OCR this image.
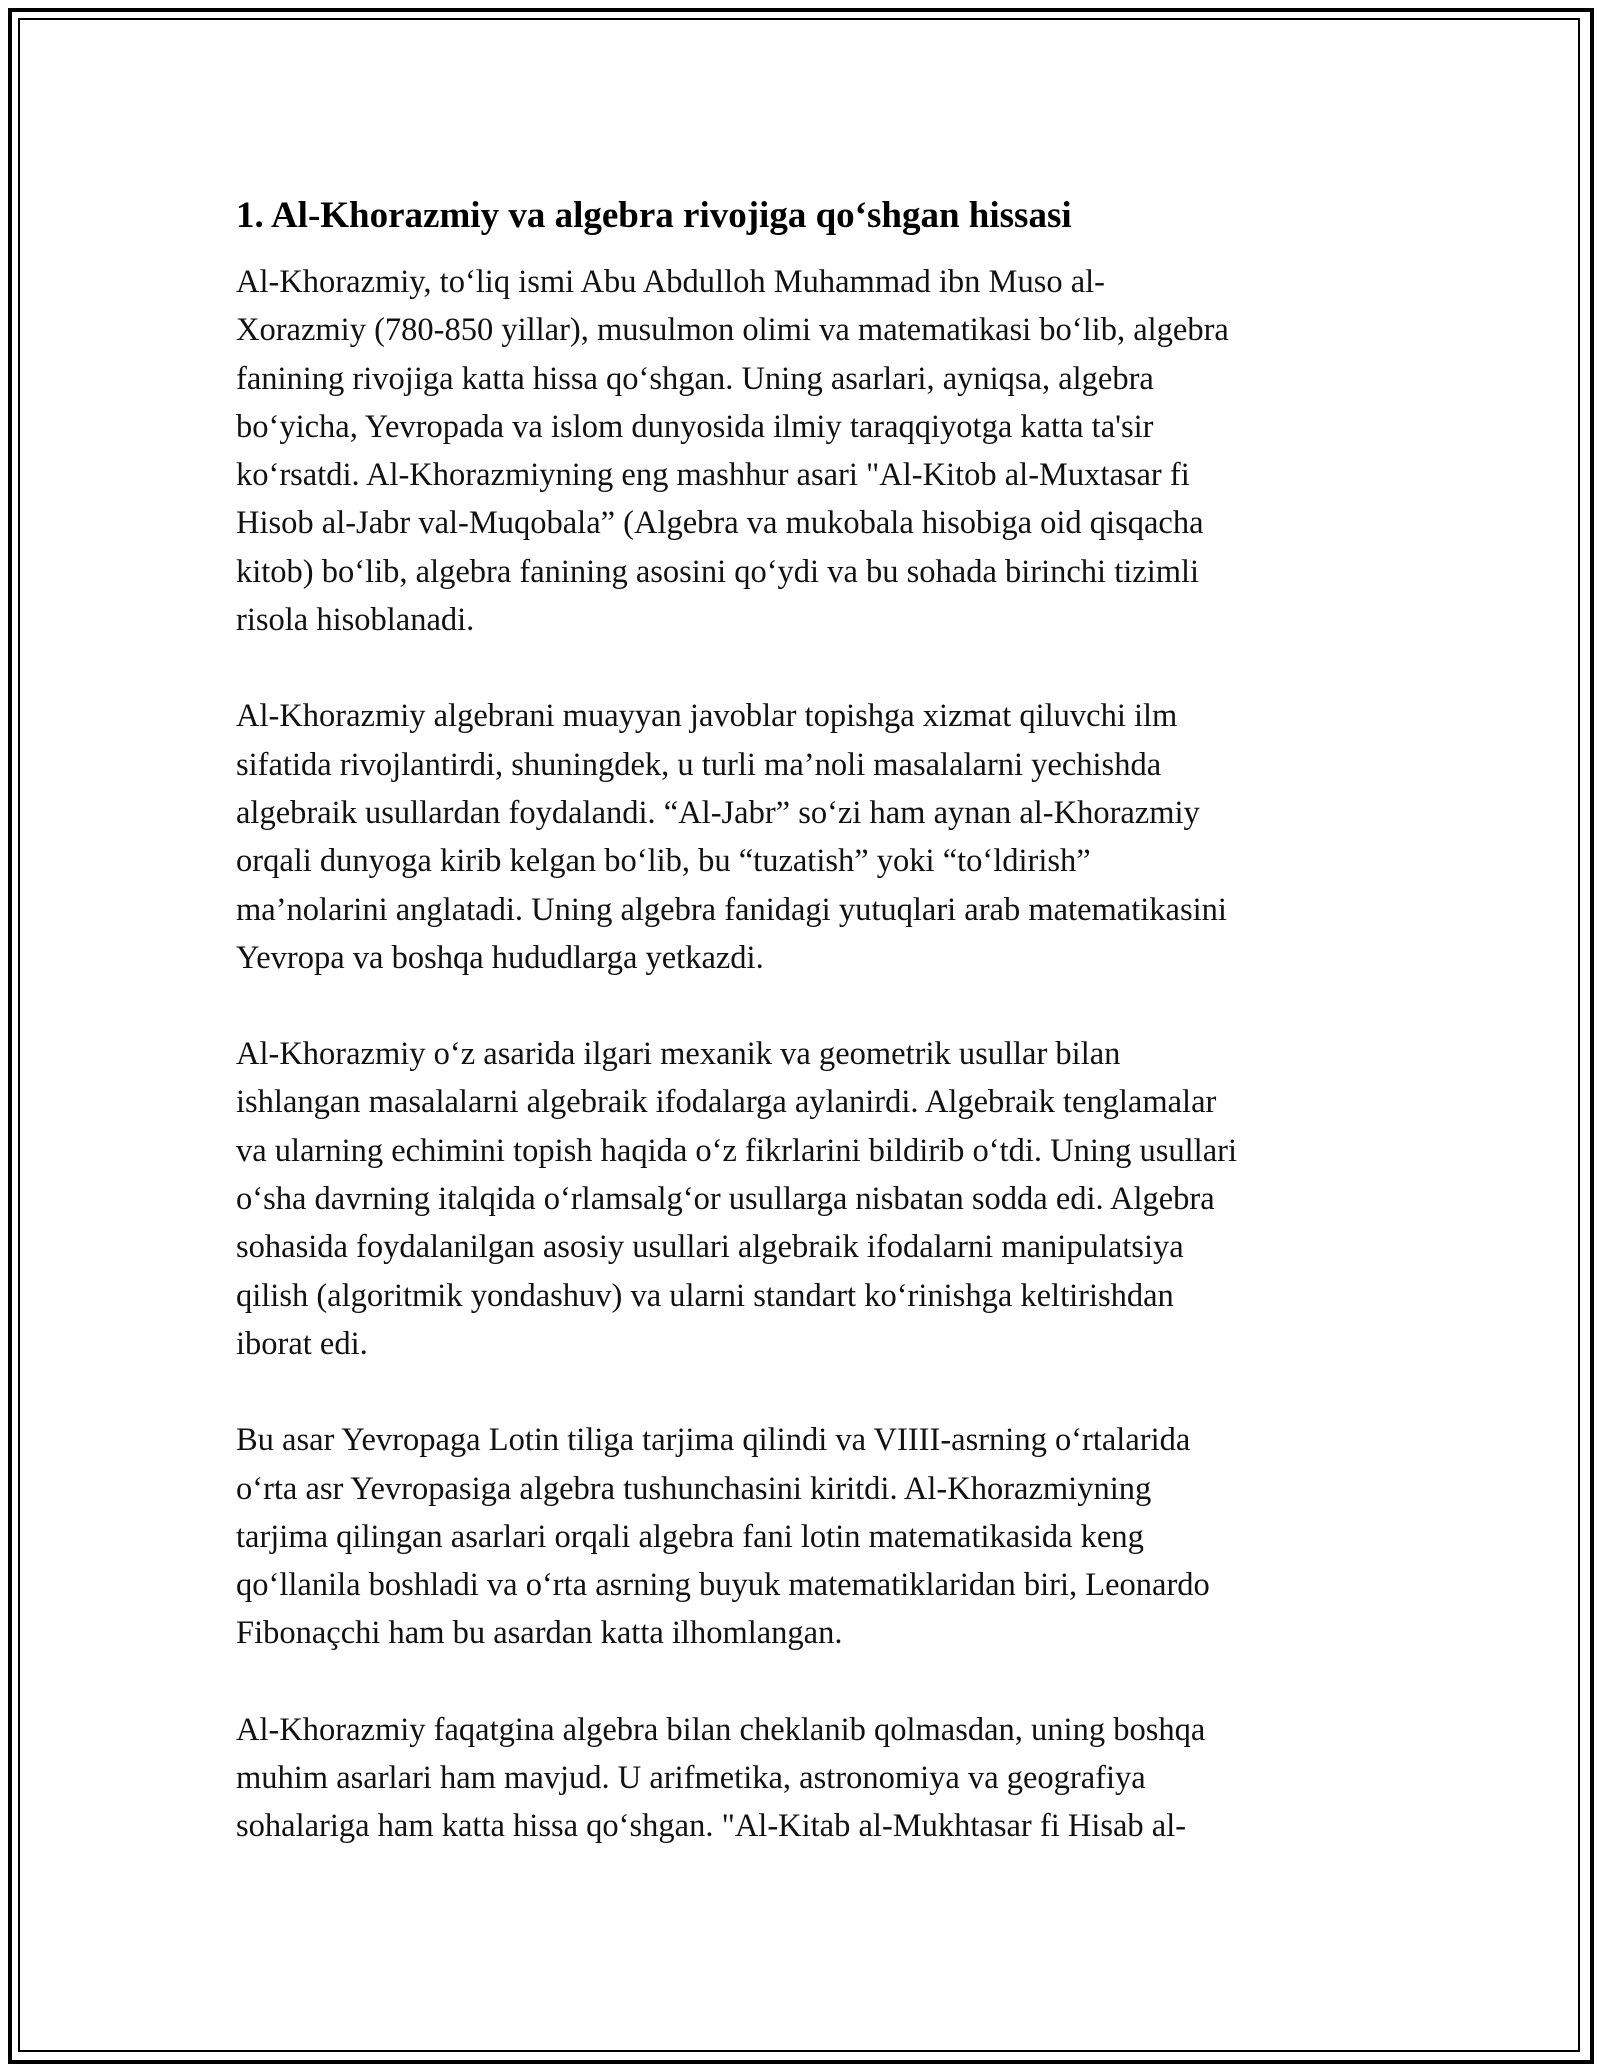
1. Al-Khorazmiy va algebra rivojiga qo‘shgan hissasi
Al-Khorazmiy, to‘liq ismi Abu Abdulloh Muhammad ibn Muso al-
Xorazmiy (780-850 yillar), musulmon olimi va matematikasi bo‘lib, algebra
fanining rivojiga katta hissa qo‘shgan. Uning asarlari, ayniqsa, algebra
bo‘yicha, Yevropada va islom dunyosida ilmiy taraqqiyotga katta ta'sir
ko‘rsatdi. Al-Khorazmiyning eng mashhur asari "Al-Kitob al-Muxtasar fi
Hisob al-Jabr val-Muqobala” (Algebra va mukobala hisobiga oid qisqacha
kitob) bo‘lib, algebra fanining asosini qo‘ydi va bu sohada birinchi tizimli
risola hisoblanadi.
Al-Khorazmiy algebrani muayyan javoblar topishga xizmat qiluvchi ilm
sifatida rivojlantirdi, shuningdek, u turli ma’noli masalalarni yechishda
algebraik usullardan foydalandi. “Al-Jabr” so‘zi ham aynan al-Khorazmiy
orqali dunyoga kirib kelgan bo‘lib, bu “tuzatish” yoki “to‘ldirish”
ma’nolarini anglatadi. Uning algebra fanidagi yutuqlari arab matematikasini
Yevropa va boshqa hududlarga yetkazdi.
Al-Khorazmiy o‘z asarida ilgari mexanik va geometrik usullar bilan
ishlangan masalalarni algebraik ifodalarga aylanirdi. Algebraik tenglamalar
va ularning echimini topish haqida o‘z fikrlarini bildirib o‘tdi. Uning usullari
o‘sha davrning italqida o‘rlamsalg‘or usullarga nisbatan sodda edi. Algebra
sohasida foydalanilgan asosiy usullari algebraik ifodalarni manipulatsiya
qilish (algoritmik yondashuv) va ularni standart ko‘rinishga keltirishdan
iborat edi.
Bu asar Yevropaga Lotin tiliga tarjima qilindi va VIIII-asrning o‘rtalarida
o‘rta asr Yevropasiga algebra tushunchasini kiritdi. Al-Khorazmiyning
tarjima qilingan asarlari orqali algebra fani lotin matematikasida keng
qo‘llanila boshladi va o‘rta asrning buyuk matematiklaridan biri, Leonardo
Fibonaçchi ham bu asardan katta ilhomlangan.
Al-Khorazmiy faqatgina algebra bilan cheklanib qolmasdan, uning boshqa
muhim asarlari ham mavjud. U arifmetika, astronomiya va geografiya
sohalariga ham katta hissa qo‘shgan. "Al-Kitab al-Mukhtasar fi Hisab al-
